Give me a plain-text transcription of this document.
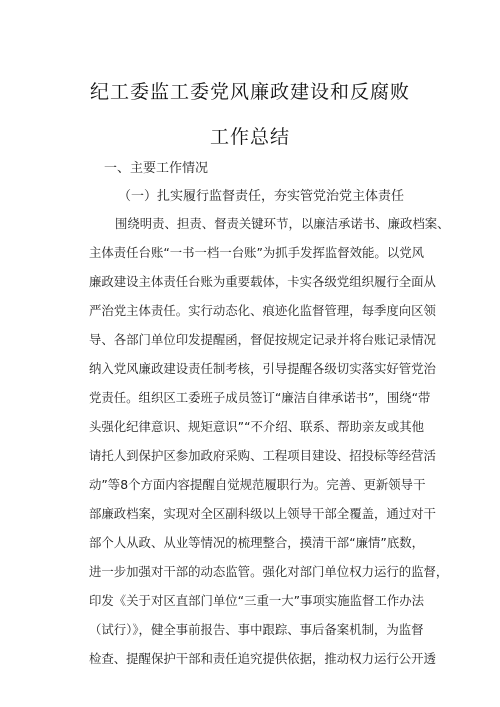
纪工委监工委党风廉政建设和反腐败
工作总结
一、主要工作情况
（一）扎实履行监督责任，夯实管党治党主体责任
围绕明责、担责、督责关键环节，以廉洁承诺书、廉政档案、
主体责任台账“一书一档一台账”为抓手发挥监督效能。以党风
廉政建设主体责任台账为重要载体，卡实各级党组织履行全面从
严治党主体责任。实行动态化、痕迹化监督管理，每季度向区领
导、各部门单位印发提醒函，督促按规定记录并将台账记录情况
纳入党风廉政建设责任制考核，引导提醒各级切实落实好管党治
党责任。组织区工委班子成员签订“廉洁自律承诺书”，围绕“带
头强化纪律意识、规矩意识”“不介绍、联系、帮助亲友或其他
请托人到保护区参加政府采购、工程项目建设、招投标等经营活
动”等8个方面内容提醒自觉规范履职行为。完善、更新领导干
部廉政档案，实现对全区副科级以上领导干部全覆盖，通过对干
部个人从政、从业等情况的梳理整合，摸清干部“廉情”底数，
进一步加强对干部的动态监管。强化对部门单位权力运行的监督，
印发《关于对区直部门单位“三重一大”事项实施监督工作办法
（试行）》，健全事前报告、事中跟踪、事后备案机制，为监督
检查、提醒保护干部和责任追究提供依据，推动权力运行公开透
